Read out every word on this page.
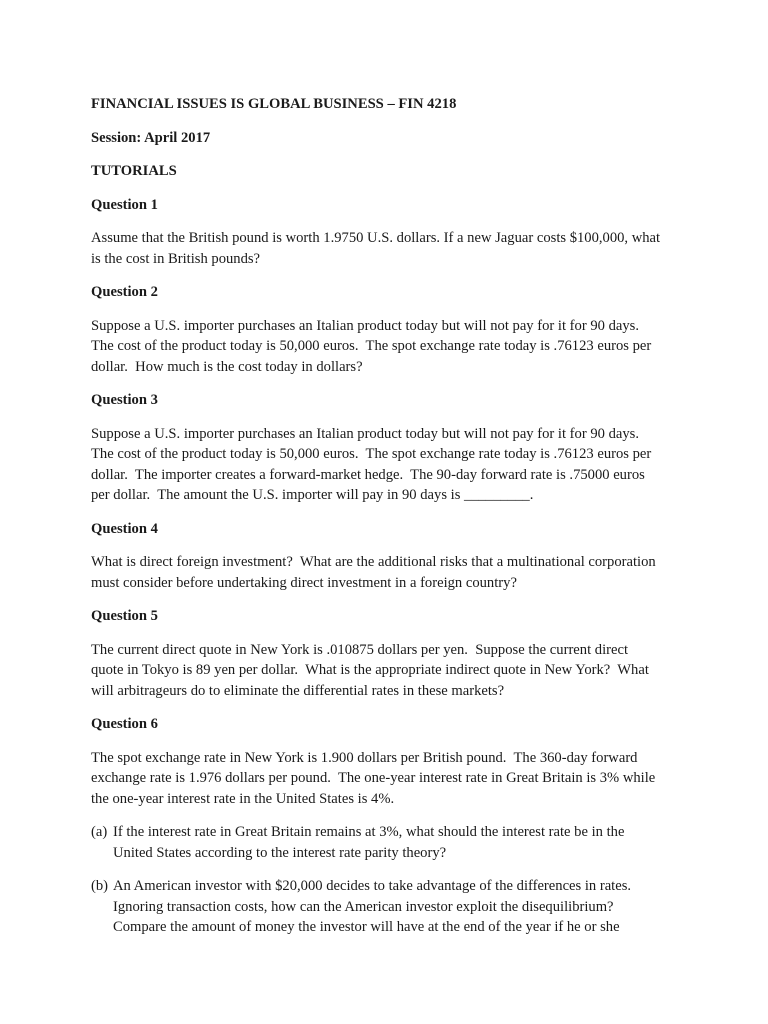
FINANCIAL ISSUES IS GLOBAL BUSINESS – FIN 4218
Session: April 2017
TUTORIALS
Question 1
Assume that the British pound is worth 1.9750 U.S. dollars. If a new Jaguar costs $100,000, what
is the cost in British pounds?
Question 2
Suppose a U.S. importer purchases an Italian product today but will not pay for it for 90 days.
The cost of the product today is 50,000 euros.  The spot exchange rate today is .76123 euros per
dollar.  How much is the cost today in dollars?
Question 3
Suppose a U.S. importer purchases an Italian product today but will not pay for it for 90 days.
The cost of the product today is 50,000 euros.  The spot exchange rate today is .76123 euros per
dollar.  The importer creates a forward-market hedge.  The 90-day forward rate is .75000 euros
per dollar.  The amount the U.S. importer will pay in 90 days is _________.
Question 4
What is direct foreign investment?  What are the additional risks that a multinational corporation
must consider before undertaking direct investment in a foreign country?
Question 5
The current direct quote in New York is .010875 dollars per yen.  Suppose the current direct
quote in Tokyo is 89 yen per dollar.  What is the appropriate indirect quote in New York?  What
will arbitrageurs do to eliminate the differential rates in these markets?
Question 6
The spot exchange rate in New York is 1.900 dollars per British pound.  The 360-day forward
exchange rate is 1.976 dollars per pound.  The one-year interest rate in Great Britain is 3% while
the one-year interest rate in the United States is 4%.
(a) If the interest rate in Great Britain remains at 3%, what should the interest rate be in the
United States according to the interest rate parity theory?
(b) An American investor with $20,000 decides to take advantage of the differences in rates.
Ignoring transaction costs, how can the American investor exploit the disequilibrium?
Compare the amount of money the investor will have at the end of the year if he or she
